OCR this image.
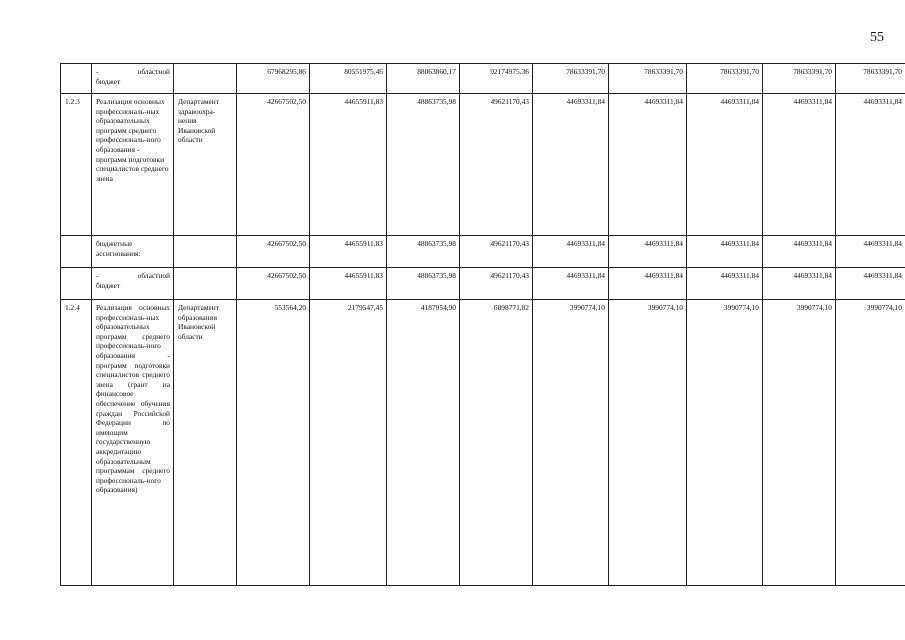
55

	- областной
бюджет		67968295,86	80551975,46	88063860,17	92174975,36	78633391,70	78633391,70	78633391,70	78633391,70	78633391,70
1.2.3	Реализация основных профессиональ-ных образовательных программ среднего профессиональ-ного образования - программ подготовки специалистов среднего звена	Департамент здравоохра-нения Ивановской области	42667502,50	44655911,83	48863735,98	49621170,43	44693311,84	44693311,84	44693311,84	44693311,84	44693311,84
	бюджетные ассигнования:		42667502,50	44655911,83	48863735,98	49621170,43	44693311,84	44693311,84	44693311,84	44693311,84	44693311,84

	- областной
бюджет		42667502,50	44655911,83	48863735,98	49621170,43	44693311,84	44693311,84	44693311,84	44693311,84	44693311,84
1.2.4	Реализация основных профессиональ-ных образовательных программ среднего профессиональ-ного образования - программ подготовки специалистов среднего звена (грант на финансовое обеспечение обучения граждан Российской Федерации по имеющим государственную аккредитацию образовательным программам среднего профессиональ-ного образования)	Департамент образования Ивановской области	553564,20	2179547,45	4187954,90	6898771,82	3990774,10	3990774,10	3990774,10	3990774,10	3990774,10
